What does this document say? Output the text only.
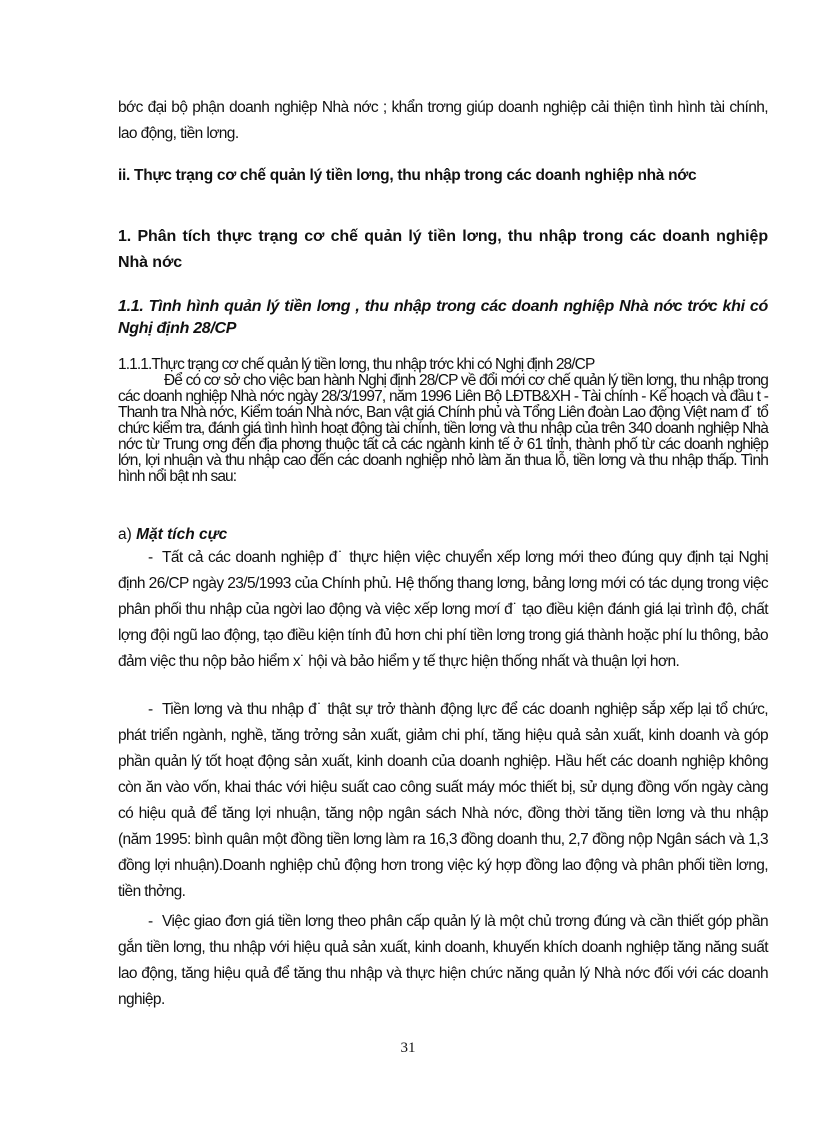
bớc đại bộ phận doanh nghiệp Nhà nớc ; khẩn trơng giúp doanh nghiệp cải thiện tình hình tài chính, lao động, tiền lơng.

ii. Thực trạng cơ chế quản lý tiền lơng, thu nhập trong các doanh nghiệp nhà nớc

1. Phân tích thực trạng cơ chế quản lý tiền lơng, thu nhập trong các doanh nghiệp Nhà nớc

1.1. Tình hình quản lý tiền lơng , thu nhập trong các doanh nghiệp Nhà nớc trớc khi có Nghị định 28/CP

1.1.1.Thực trạng cơ chế quản lý tiền lơng, thu nhập trớc khi có Nghị định 28/CP
Để có cơ sở cho việc ban hành Nghị định 28/CP về đổi mới cơ chế quản lý tiền lơng, thu nhập trong các doanh nghiệp Nhà nớc ngày 28/3/1997, năm 1996 Liên Bộ LĐTB&XH - Tài chính - Kế hoạch và đầu t - Thanh tra Nhà nớc, Kiểm toán Nhà nớc, Ban vật giá Chính phủ và Tổng Liên đoàn Lao động Việt nam đ˙ tổ chức kiểm tra, đánh giá tình hình hoạt động tài chính, tiền lơng và thu nhập của trên 340 doanh nghiệp Nhà nớc từ Trung ơng đến địa phơng thuộc tất cả các ngành kinh tế ở 61 tỉnh, thành phố từ các doanh nghiệp lớn, lợi nhuận và thu nhập cao đến các doanh nghiệp nhỏ làm ăn thua lỗ, tiền lơng và thu nhập thấp. Tình hình nổi bật nh sau:
a) Mặt tích cực

- Tất cả các doanh nghiệp đ˙ thực hiện việc chuyển xếp lơng mới theo đúng quy định tại Nghị định 26/CP ngày 23/5/1993 của Chính phủ. Hệ thống thang lơng, bảng lơng mới có tác dụng trong việc phân phối thu nhập của ngời lao động và việc xếp lơng mơí đ˙ tạo điều kiện đánh giá lại trình độ, chất lợng đội ngũ lao động, tạo điều kiện tính đủ hơn chi phí tiền lơng trong giá thành hoặc phí lu thông, bảo đảm việc thu nộp bảo hiểm x˙ hội và bảo hiểm y tế thực hiện thống nhất và thuận lợi hơn.

- Tiền lơng và thu nhập đ˙ thật sự trở thành động lực để các doanh nghiệp sắp xếp lại tổ chức, phát triển ngành, nghề, tăng trởng sản xuất, giảm chi phí, tăng hiệu quả sản xuất, kinh doanh và góp phần quản lý tốt hoạt động sản xuất, kinh doanh của doanh nghiệp. Hầu hết các doanh nghiệp không còn ăn vào vốn, khai thác với hiệu suất cao công suất máy móc thiết bị, sử dụng đồng vốn ngày càng có hiệu quả để tăng lợi nhuận, tăng nộp ngân sách Nhà nớc, đồng thời tăng tiền lơng và thu nhập (năm 1995: bình quân một đồng tiền lơng làm ra 16,3 đồng doanh thu, 2,7 đồng nộp Ngân sách và 1,3 đồng lợi nhuận).Doanh nghiệp chủ động hơn trong việc ký hợp đồng lao động và phân phối tiền lơng, tiền thởng.

- Việc giao đơn giá tiền lơng theo phân cấp quản lý là một chủ trơng đúng và cần thiết góp phần gắn tiền lơng, thu nhập với hiệu quả sản xuất, kinh doanh, khuyến khích doanh nghiệp tăng năng suất lao động, tăng hiệu quả để tăng thu nhập và thực hiện chức năng quản lý Nhà nớc đối với các doanh nghiệp.

31
